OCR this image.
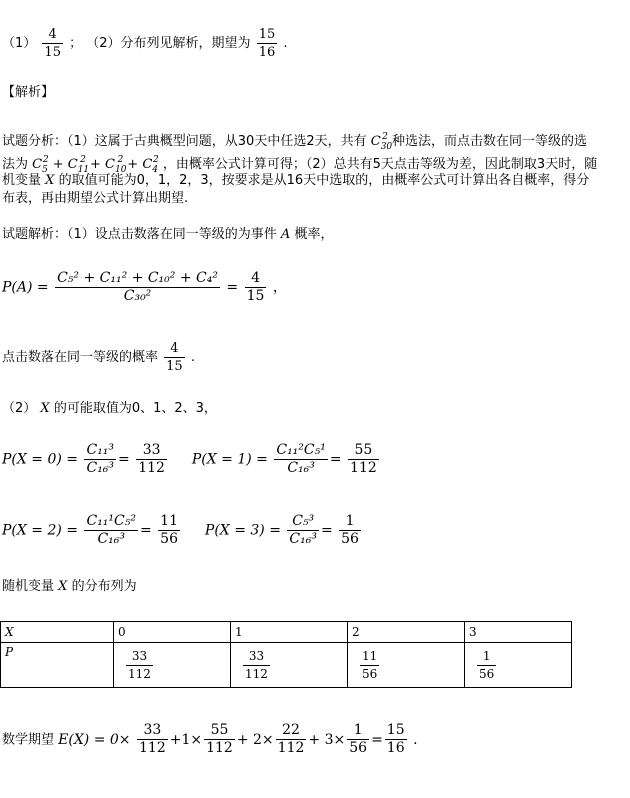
$(1) \frac{4}{15}$ ； （2）分布列见解析，期望为 $\frac{15}{16}$ .
【解析】
试题分析：（1）这属于古典概型问题，从30天中任选2天，共有 $C_{30}^2$ 种选法，而点击数在同一等级的选
法为 $C_5^2 + C_{11}^2 + C_{10}^2 + C_4^2$ ，由概率公式计算可得；（2）总共有5天点击等级为差，因此制取3天时，随
机变量 X 的取值可能为0，1，2，3，按要求是从16天中选取的，由概率公式可计算出各自概率，得分
布表，再由期望公式计算出期望.
试题解析：（1）设点击数落在同一等级的为事件 A 概率，
$P(A) = \frac{\text{C₅² + C₁₁² + C₁₀² + C₄²}}{\text{C₃₀²}} = \frac{4}{15}$ ，
点击数落在同一等级的概率 $\frac{4}{15}$ .
（2） X 的可能取值为0、1、2、3，
$P(X = 0) = \frac{\text{C₁₁³}}{\text{C₁₆³}} = \frac{33}{112} P(X = 1) = \frac{\text{C₁₁²C₅¹}}{\text{C₁₆³}} = \frac{55}{112}$
$P(X = 2) = \frac{\text{C₁₁¹C₅²}}{\text{C₁₆³}} = \frac{11}{56} P(X = 3) = \frac{\text{C₅³}}{\text{C₁₆³}} = \frac{1}{56}$
随机变量 X 的分布列为
X	0	1	2	3
P	$\frac{33}{112}$	$\frac{33}{112}$	$\frac{11}{56}$	$\frac{1}{56}$
数学期望 $E(X) = 0\times \frac{33}{112} +1\times \frac{55}{112} + 2\times \frac{22}{112} + 3\times \frac{1}{56} = \frac{15}{16}$ .
